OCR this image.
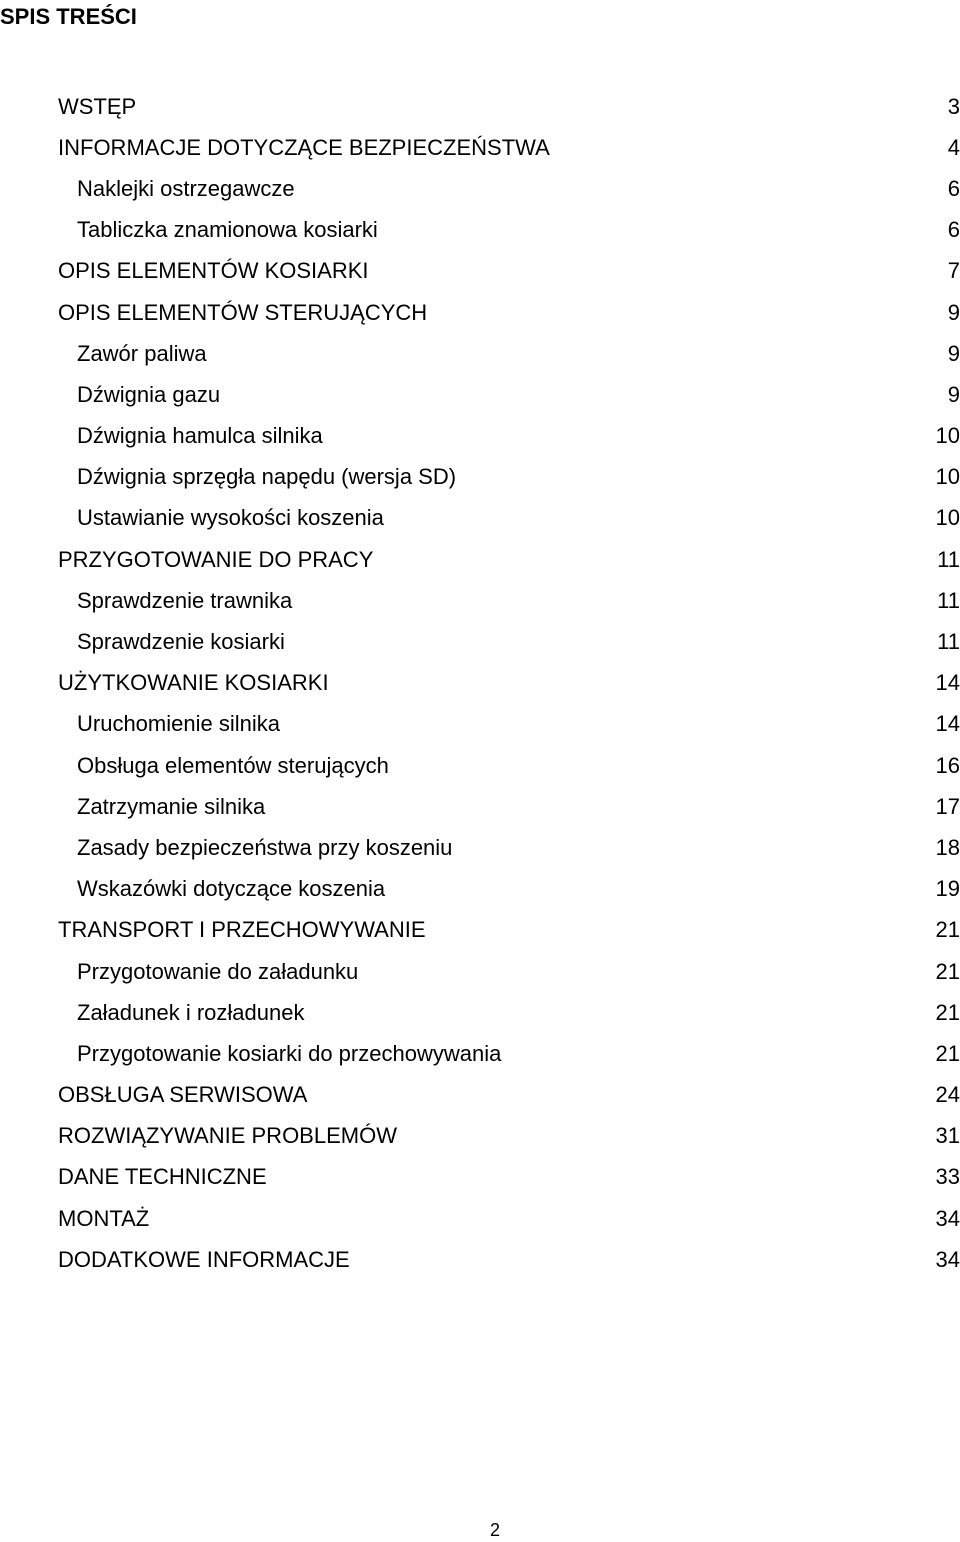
SPIS TREŚCI
WSTĘP	3
INFORMACJE DOTYCZĄCE BEZPIECZEŃSTWA	4
Naklejki ostrzegawcze	6
Tabliczka znamionowa kosiarki	6
OPIS ELEMENTÓW KOSIARKI	7
OPIS ELEMENTÓW STERUJĄCYCH	9
Zawór paliwa	9
Dźwignia gazu	9
Dźwignia hamulca silnika	10
Dźwignia sprzęgła napędu (wersja SD)	10
Ustawianie wysokości koszenia	10
PRZYGOTOWANIE DO PRACY	11
Sprawdzenie trawnika	11
Sprawdzenie kosiarki	11
UŻYTKOWANIE KOSIARKI	14
Uruchomienie silnika	14
Obsługa elementów sterujących	16
Zatrzymanie silnika	17
Zasady bezpieczeństwa przy koszeniu	18
Wskazówki dotyczące koszenia	19
TRANSPORT I PRZECHOWYWANIE	21
Przygotowanie do załadunku	21
Załadunek i rozładunek	21
Przygotowanie kosiarki do przechowywania	21
OBSŁUGA SERWISOWA	24
ROZWIĄZYWANIE PROBLEMÓW	31
DANE TECHNICZNE	33
MONTAŻ	34
DODATKOWE INFORMACJE	34
2
